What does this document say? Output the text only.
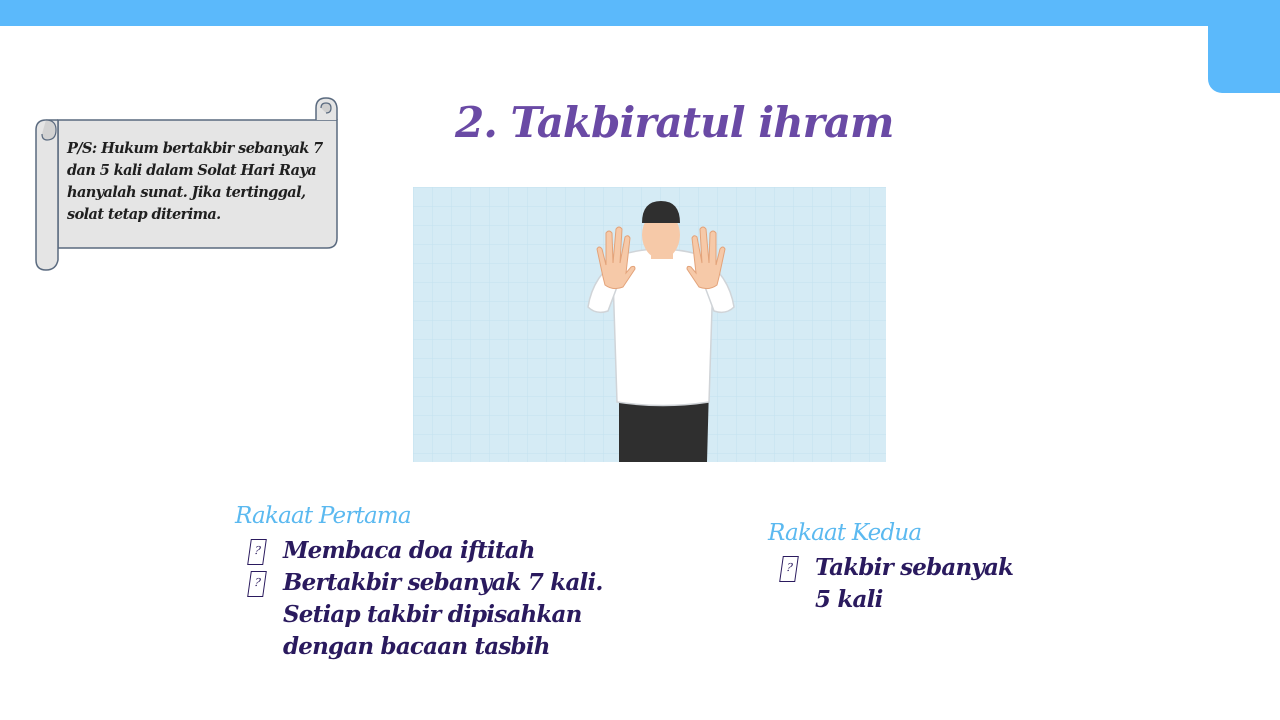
P/S: Hukum bertakbir sebanyak 7 dan 5 kali dalam Solat Hari Raya hanyalah sunat. Jika tertinggal, solat tetap diterima.
2. Takbiratul ihram
Rakaat Pertama
? Membaca doa iftitah
? Bertakbir sebanyak 7 kali. Setiap takbir dipisahkan dengan bacaan tasbih
Rakaat Kedua
? Takbir sebanyak 5 kali
